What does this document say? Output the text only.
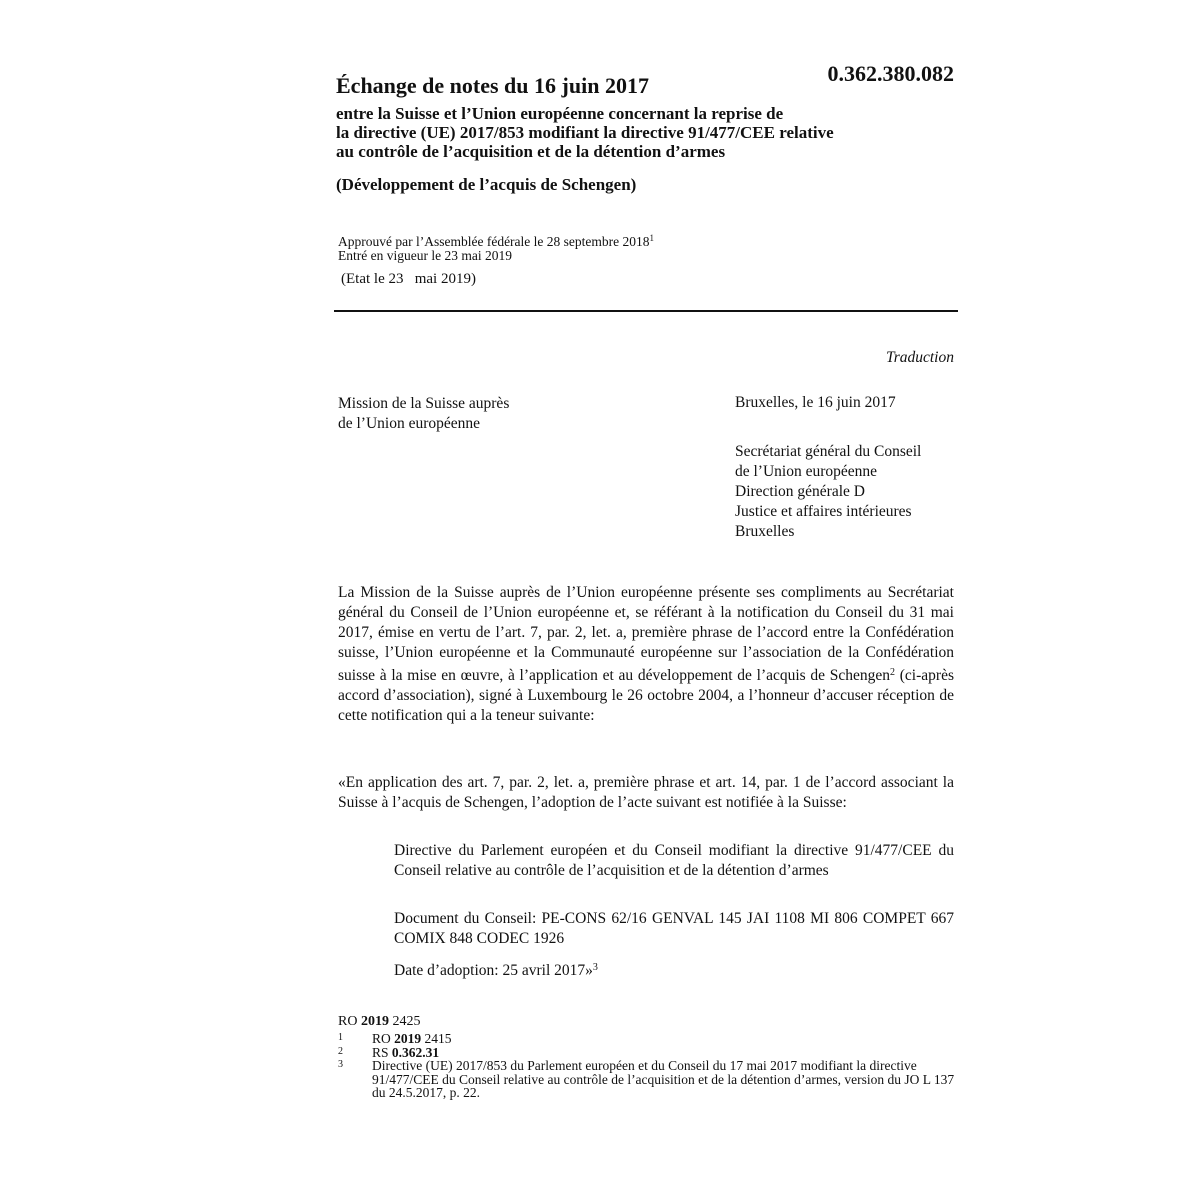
Échange de notes du 16 juin 2017	0.362.380.082
entre la Suisse et l’Union européenne concernant la reprise de
la directive (UE) 2017/853 modifiant la directive 91/477/CEE relative
au contrôle de l’acquisition et de la détention d’armes
(Développement de l’acquis de Schengen)
Approuvé par l’Assemblée fédérale le 28 septembre 2018$^1$
Entré en vigueur le 23 mai 2019
(Etat le 23   mai 2019)
Traduction
Mission de la Suisse auprès
de l’Union européenne
Bruxelles, le 16 juin 2017
Secrétariat général du Conseil
de l’Union européenne
Direction générale D
Justice et affaires intérieures
Bruxelles

La Mission de la Suisse auprès de l’Union européenne présente ses compliments au Secrétariat général du Conseil de l’Union européenne et, se référant à la notification du Conseil du 31 mai 2017, émise en vertu de l’art. 7, par. 2, let. a, première phrase de l’accord entre la Confédération suisse, l’Union européenne et la Communauté européenne sur l’association de la Confédération suisse à la mise en œuvre, à l’application et au développement de l’acquis de Schengen$^2$ (ci-après accord d’association), signé à Luxembourg le 26 octobre 2004, a l’honneur d’accuser réception de cette notification qui a la teneur suivante:

«En application des art. 7, par. 2, let. a, première phrase et art. 14, par. 1 de l’accord associant la Suisse à l’acquis de Schengen, l’adoption de l’acte suivant est notifiée à la Suisse:

Directive du Parlement européen et du Conseil modifiant la directive 91/477/CEE du Conseil relative au contrôle de l’acquisition et de la détention d’armes

Document du Conseil: PE-CONS 62/16 GENVAL 145 JAI 1108 MI 806 COMPET 667 COMIX 848 CODEC 1926

Date d’adoption: 25 avril 2017»$^3$

RO 2019 2425
1	RO 2019 2415
2	RS 0.362.31
3	Directive (UE) 2017/853 du Parlement européen et du Conseil du 17 mai 2017 modifiant la directive 91/477/CEE du Conseil relative au contrôle de l’acquisition et de la détention d’armes, version du JO L 137 du 24.5.2017, p. 22.
